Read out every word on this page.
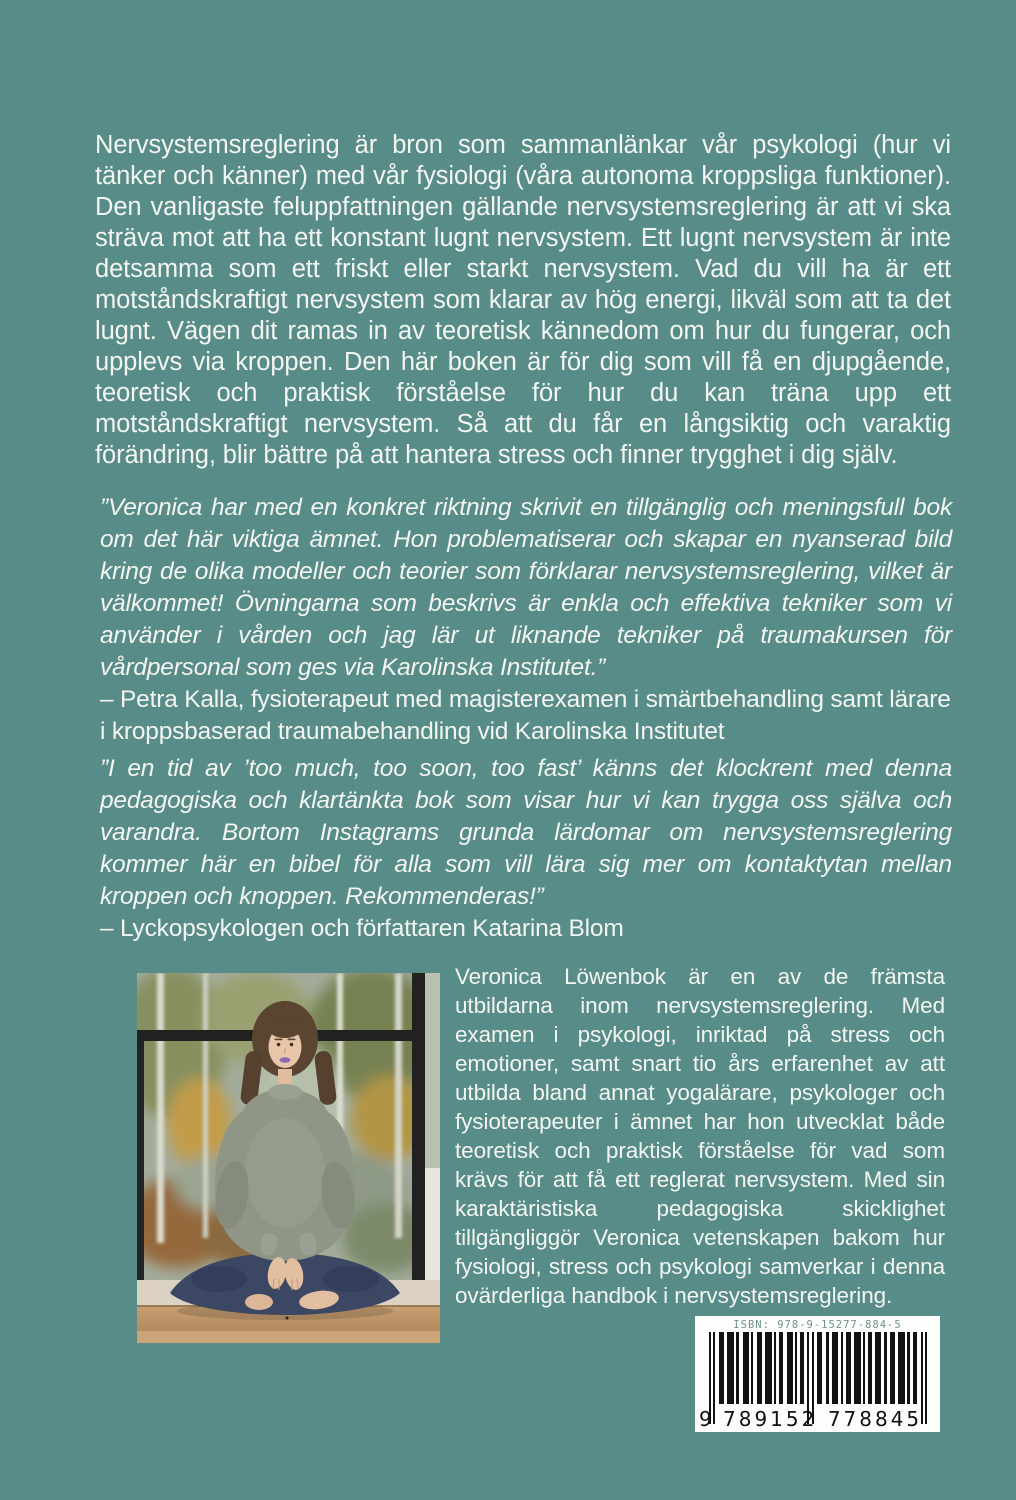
Nervsystemsreglering är bron som sammanlänkar vår psykologi (hur vi tänker och känner) med vår fysiologi (våra autonoma kroppsliga funktioner). Den vanligaste feluppfattningen gällande nervsystemsreglering är att vi ska sträva mot att ha ett konstant lugnt nervsystem. Ett lugnt nervsystem är inte detsamma som ett friskt eller starkt nervsystem. Vad du vill ha är ett motståndskraftigt nervsystem som klarar av hög energi, likväl som att ta det lugnt. Vägen dit ramas in av teoretisk kännedom om hur du fungerar, och upplevs via kroppen. Den här boken är för dig som vill få en djupgående, teoretisk och praktisk förståelse för hur du kan träna upp ett motståndskraftigt nervsystem. Så att du får en långsiktig och varaktig förändring, blir bättre på att hantera stress och finner trygghet i dig själv.

”Veronica har med en konkret riktning skrivit en tillgänglig och meningsfull bok om det här viktiga ämnet. Hon problematiserar och skapar en nyanserad bild kring de olika modeller och teorier som förklarar nervsystemsreglering, vilket är välkommet! Övningarna som beskrivs är enkla och effektiva tekniker som vi använder i vården och jag lär ut liknande tekniker på traumakursen för vårdpersonal som ges via Karolinska Institutet.”

– Petra Kalla, fysioterapeut med magisterexamen i smärtbehandling samt lärare i kroppsbaserad traumabehandling vid Karolinska Institutet

”I en tid av ’too much, too soon, too fast’ känns det klockrent med denna pedagogiska och klartänkta bok som visar hur vi kan trygga oss själva och varandra. Bortom Instagrams grunda lärdomar om nervsystemsreglering kommer här en bibel för alla som vill lära sig mer om kontaktytan mellan kroppen och knoppen. Rekommenderas!”

– Lyckopsykologen och författaren Katarina Blom

Veronica Löwenbok är en av de främsta utbildarna inom nervsystemsreglering. Med examen i psykologi, inriktad på stress och emotioner, samt snart tio års erfarenhet av att utbilda bland annat yogalärare, psykologer och fysioterapeuter i ämnet har hon utvecklat både teoretisk och praktisk förståelse för vad som krävs för att få ett reglerat nervsystem. Med sin karaktäristiska pedagogiska skicklighet tillgängliggör Veronica vetenskapen bakom hur fysiologi, stress och psykologi samverkar i denna ovärderliga handbok i nervsystemsreglering.

ISBN: 978-9-15277-884-5
9 789152 778845
